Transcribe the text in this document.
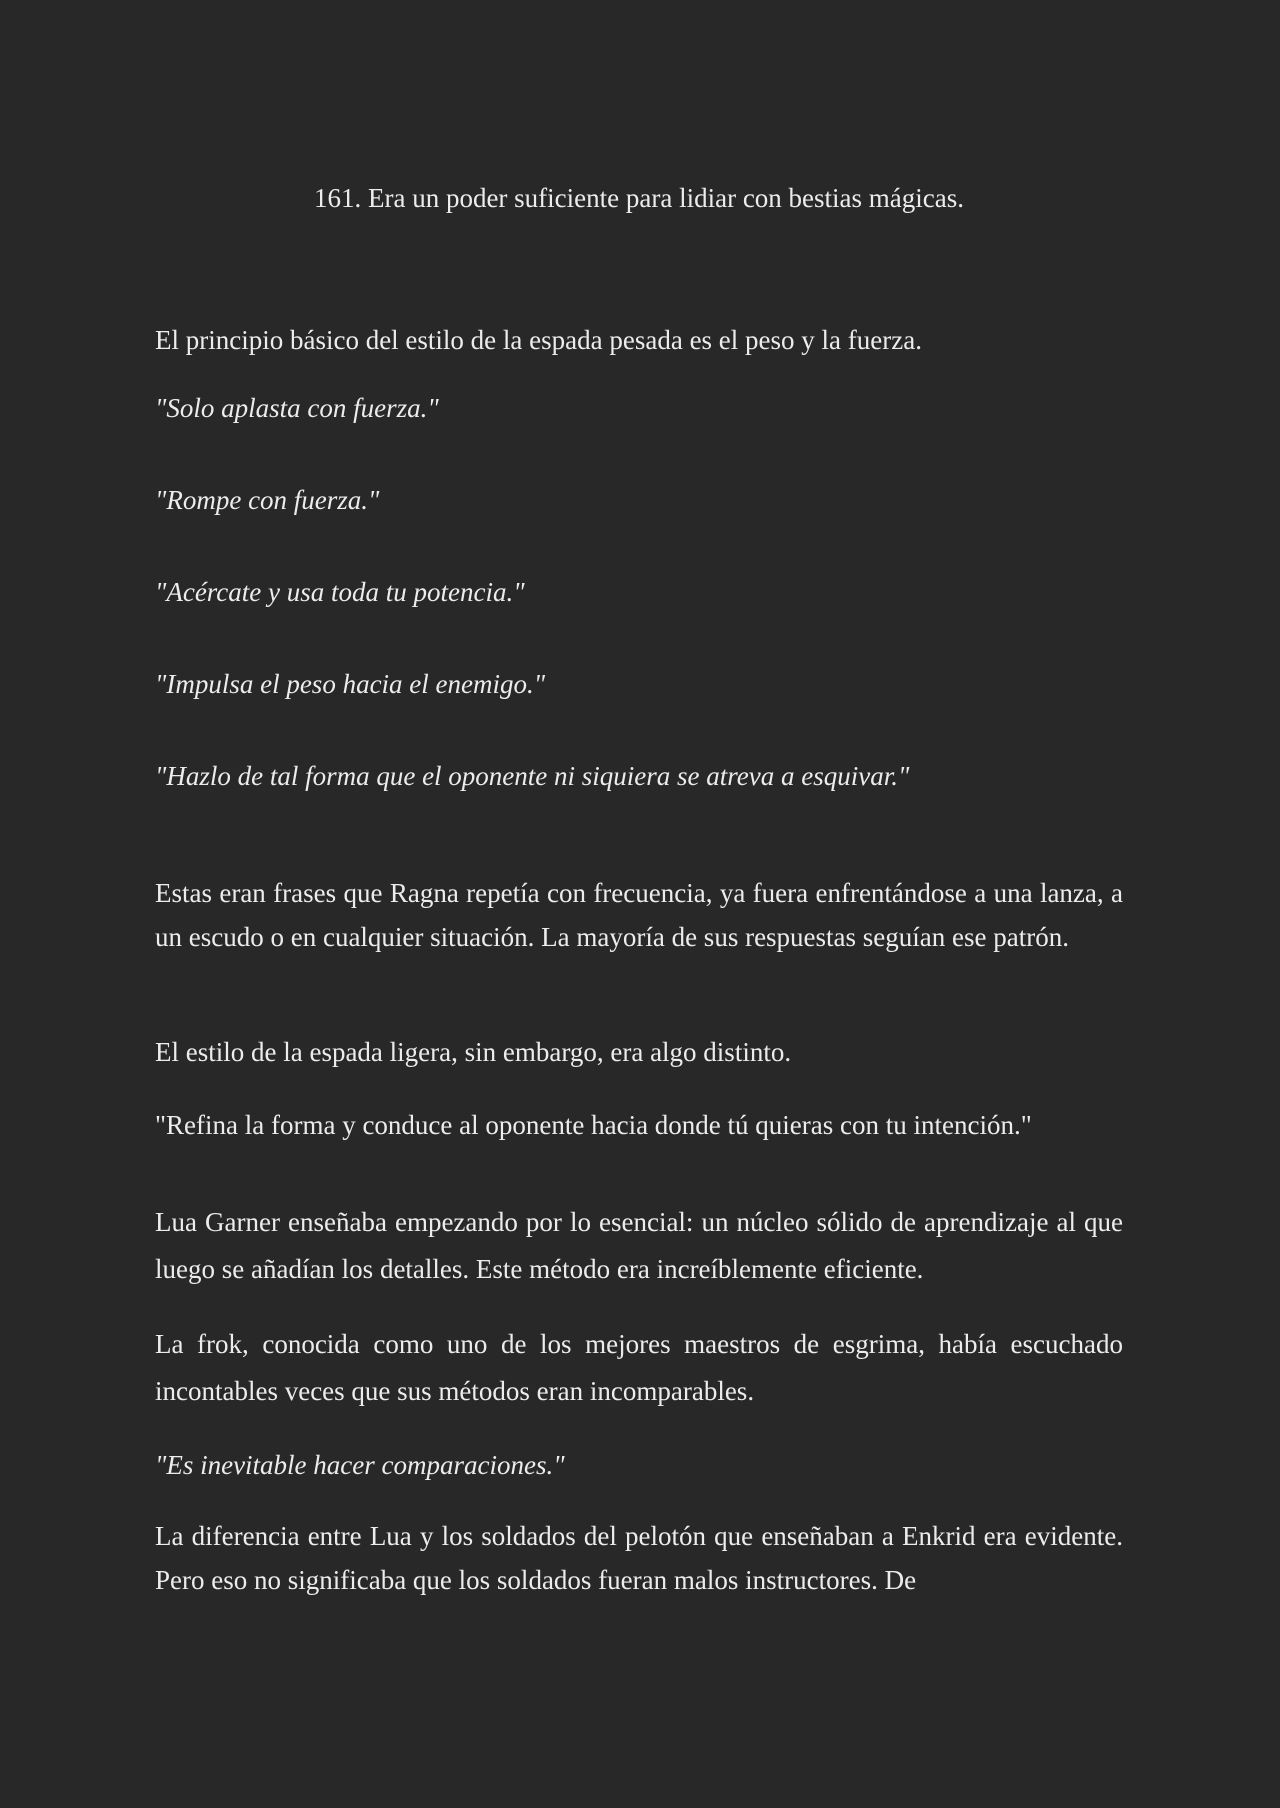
161. Era un poder suficiente para lidiar con bestias mágicas.

El principio básico del estilo de la espada pesada es el peso y la fuerza.

"Solo aplasta con fuerza."

"Rompe con fuerza."

"Acércate y usa toda tu potencia."

"Impulsa el peso hacia el enemigo."

"Hazlo de tal forma que el oponente ni siquiera se atreva a esquivar."

Estas eran frases que Ragna repetía con frecuencia, ya fuera enfrentándose a una lanza, a un escudo o en cualquier situación. La mayoría de sus respuestas seguían ese patrón.

El estilo de la espada ligera, sin embargo, era algo distinto.

"Refina la forma y conduce al oponente hacia donde tú quieras con tu intención."

Lua Garner enseñaba empezando por lo esencial: un núcleo sólido de aprendizaje al que luego se añadían los detalles. Este método era increíblemente eficiente.

La frok, conocida como uno de los mejores maestros de esgrima, había escuchado incontables veces que sus métodos eran incomparables.

"Es inevitable hacer comparaciones."

La diferencia entre Lua y los soldados del pelotón que enseñaban a Enkrid era evidente. Pero eso no significaba que los soldados fueran malos instructores. De
